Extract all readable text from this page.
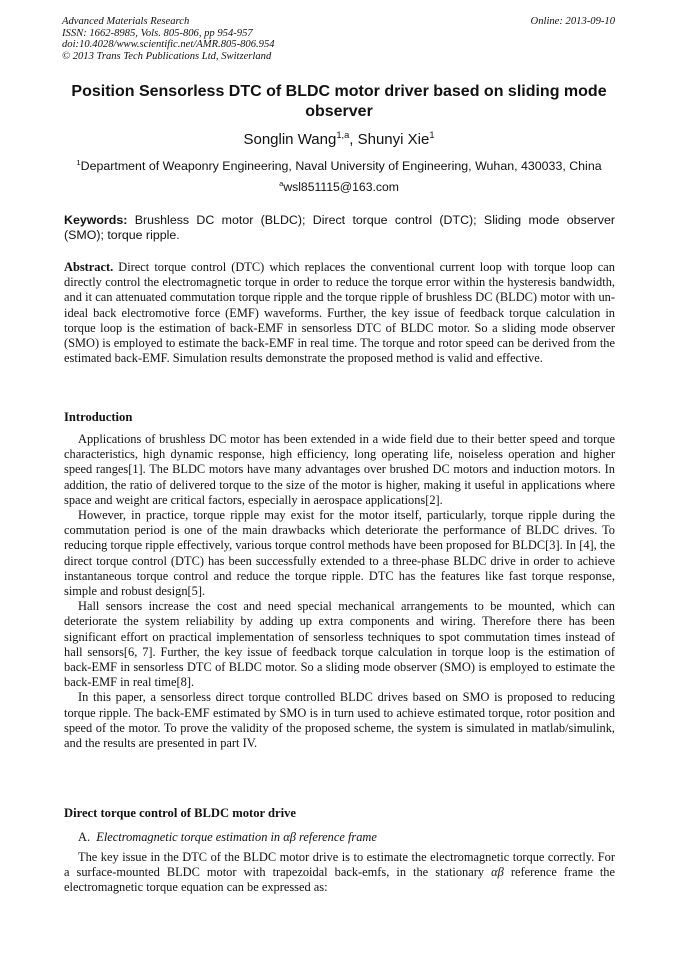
Advanced Materials Research
ISSN: 1662-8985, Vols. 805-806, pp 954-957
doi:10.4028/www.scientific.net/AMR.805-806.954
© 2013 Trans Tech Publications Ltd, Switzerland
Online: 2013-09-10
Position Sensorless DTC of BLDC motor driver based on sliding mode observer
Songlin Wang$^{1,a}$, Shunyi Xie$^1$
$^1$Department of Weaponry Engineering, Naval University of Engineering, Wuhan, 430033, China
$^a$wsl851115@163.com
Keywords: Brushless DC motor (BLDC); Direct torque control (DTC); Sliding mode observer (SMO); torque ripple.

Abstract. Direct torque control (DTC) which replaces the conventional current loop with torque loop can directly control the electromagnetic torque in order to reduce the torque error within the hysteresis bandwidth, and it can attenuated commutation torque ripple and the torque ripple of brushless DC (BLDC) motor with un-ideal back electromotive force (EMF) waveforms. Further, the key issue of feedback torque calculation in torque loop is the estimation of back-EMF in sensorless DTC of BLDC motor. So a sliding mode observer (SMO) is employed to estimate the back-EMF in real time. The torque and rotor speed can be derived from the estimated back-EMF. Simulation results demonstrate the proposed method is valid and effective.

Introduction

Applications of brushless DC motor has been extended in a wide field due to their better speed and torque characteristics, high dynamic response, high efficiency, long operating life, noiseless operation and higher speed ranges[1]. The BLDC motors have many advantages over brushed DC motors and induction motors. In addition, the ratio of delivered torque to the size of the motor is higher, making it useful in applications where space and weight are critical factors, especially in aerospace applications[2].

However, in practice, torque ripple may exist for the motor itself, particularly, torque ripple during the commutation period is one of the main drawbacks which deteriorate the performance of BLDC drives. To reducing torque ripple effectively, various torque control methods have been proposed for BLDC[3]. In [4], the direct torque control (DTC) has been successfully extended to a three-phase BLDC drive in order to achieve instantaneous torque control and reduce the torque ripple. DTC has the features like fast torque response, simple and robust design[5].

Hall sensors increase the cost and need special mechanical arrangements to be mounted, which can deteriorate the system reliability by adding up extra components and wiring. Therefore there has been significant effort on practical implementation of sensorless techniques to spot commutation times instead of hall sensors[6, 7]. Further, the key issue of feedback torque calculation in torque loop is the estimation of back-EMF in sensorless DTC of BLDC motor. So a sliding mode observer (SMO) is employed to estimate the back-EMF in real time[8].

In this paper, a sensorless direct torque controlled BLDC drives based on SMO is proposed to reducing torque ripple. The back-EMF estimated by SMO is in turn used to achieve estimated torque, rotor position and speed of the motor. To prove the validity of the proposed scheme, the system is simulated in matlab/simulink, and the results are presented in part IV.

Direct torque control of BLDC motor drive
A.  Electromagnetic torque estimation in αβ reference frame

The key issue in the DTC of the BLDC motor drive is to estimate the electromagnetic torque correctly. For a surface-mounted BLDC motor with trapezoidal back-emfs, in the stationary αβ reference frame the electromagnetic torque equation can be expressed as:
